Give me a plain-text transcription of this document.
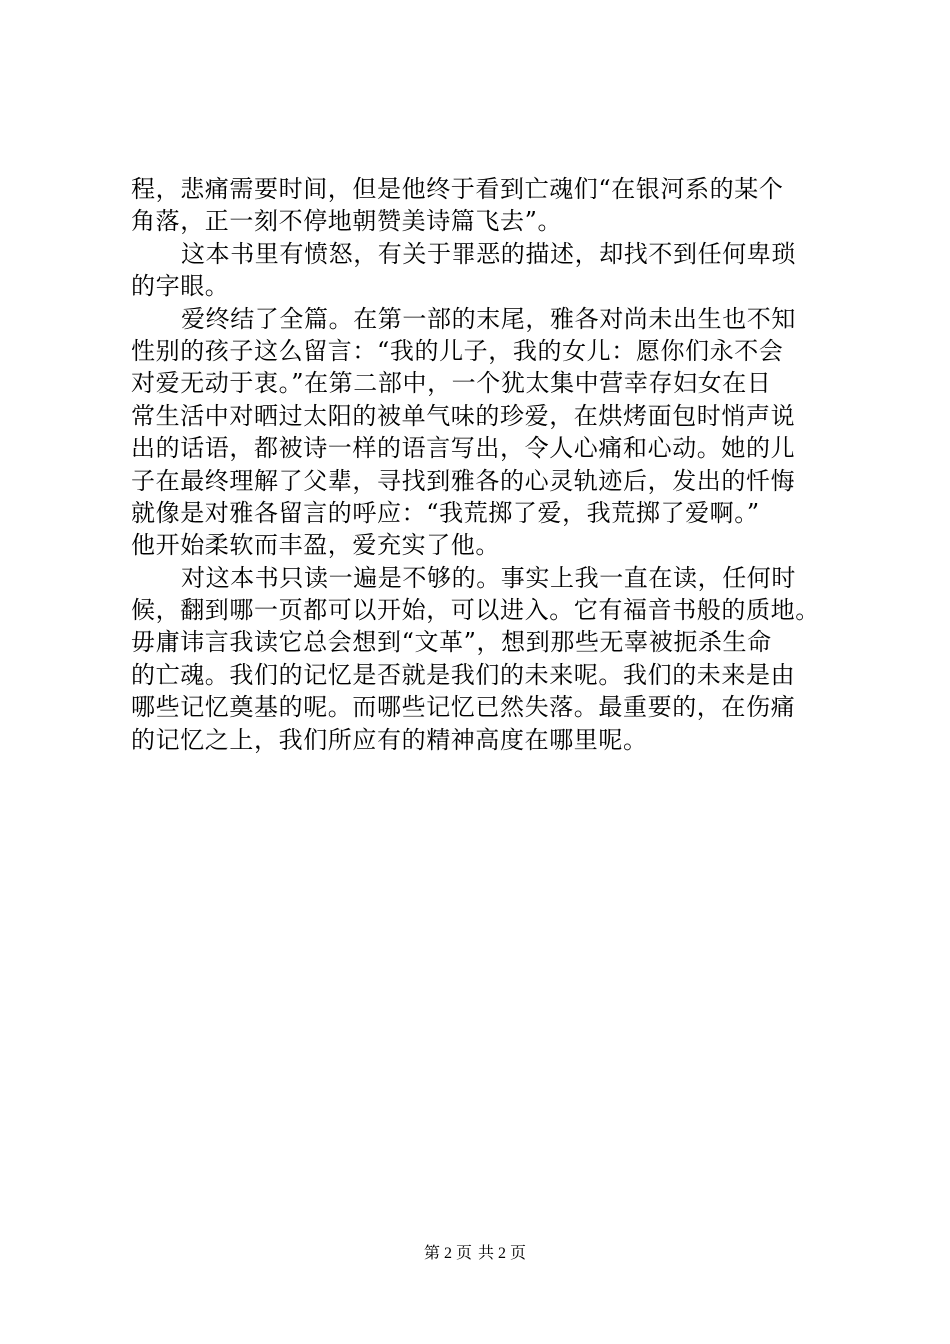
程，悲痛需要时间，但是他终于看到亡魂们“在银河系的某个
角落，正一刻不停地朝赞美诗篇飞去”。
这本书里有愤怒，有关于罪恶的描述，却找不到任何卑琐
的字眼。
爱终结了全篇。在第一部的末尾，雅各对尚未出生也不知
性别的孩子这么留言：“我的儿子，我的女儿：愿你们永不会
对爱无动于衷。”在第二部中，一个犹太集中营幸存妇女在日
常生活中对晒过太阳的被单气味的珍爱，在烘烤面包时悄声说
出的话语，都被诗一样的语言写出，令人心痛和心动。她的儿
子在最终理解了父辈，寻找到雅各的心灵轨迹后，发出的忏悔
就像是对雅各留言的呼应：“我荒掷了爱，我荒掷了爱啊。”
他开始柔软而丰盈，爱充实了他。
对这本书只读一遍是不够的。事实上我一直在读，任何时
候，翻到哪一页都可以开始，可以进入。它有福音书般的质地。
毋庸讳言我读它总会想到“文革”，想到那些无辜被扼杀生命
的亡魂。我们的记忆是否就是我们的未来呢。我们的未来是由
哪些记忆奠基的呢。而哪些记忆已然失落。最重要的，在伤痛
的记忆之上，我们所应有的精神高度在哪里呢。
第 2 页 共 2 页
